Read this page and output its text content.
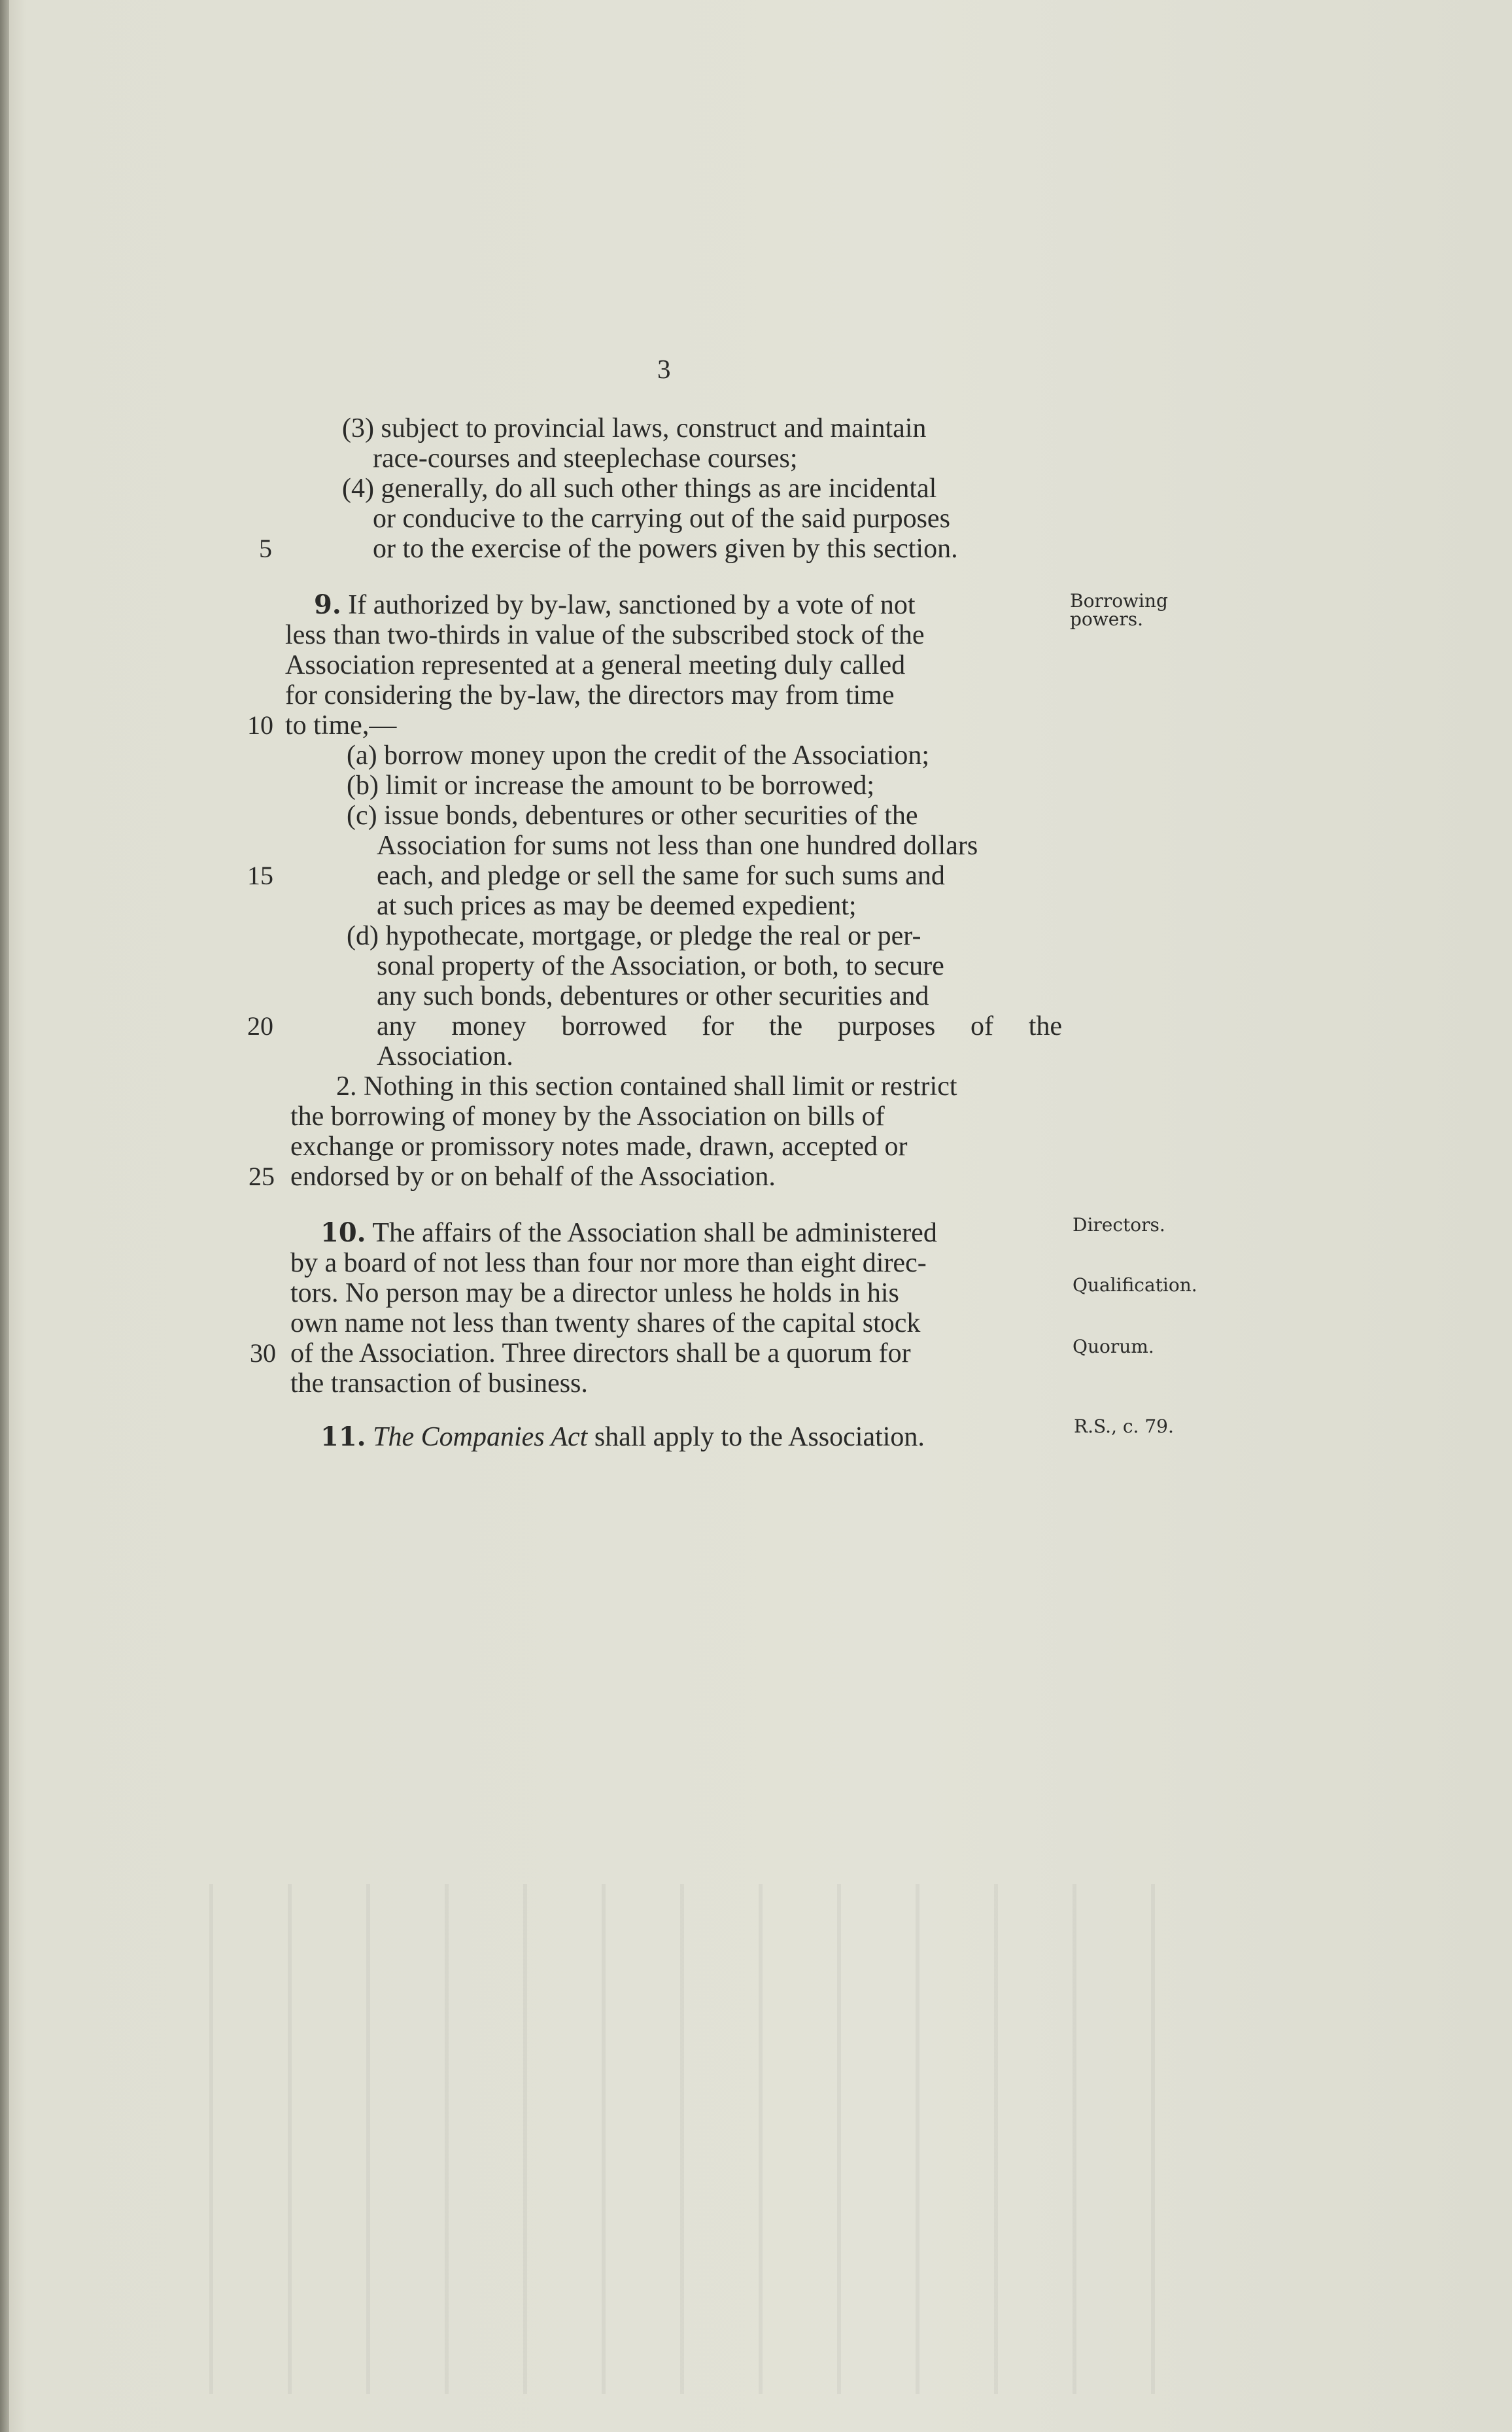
3
(3) subject to provincial laws, construct and maintain
race-courses and steeplechase courses;
(4) generally, do all such other things as are incidental
or conducive to the carrying out of the said purposes
or to the exercise of the powers given by this section.
5
9. If authorized by by-law, sanctioned by a vote of not	Borrowing
powers.
less than two-thirds in value of the subscribed stock of the
Association represented at a general meeting duly called
for considering the by-law, the directors may from time
10 to time,—
(a) borrow money upon the credit of the Association;
(b) limit or increase the amount to be borrowed;
(c) issue bonds, debentures or other securities of the
Association for sums not less than one hundred dollars
15	each, and pledge or sell the same for such sums and
at such prices as may be deemed expedient;
(d) hypothecate, mortgage, or pledge the real or per-
sonal property of the Association, or both, to secure
any such bonds, debentures or other securities and
20	any money borrowed for the purposes of the
Association.
2. Nothing in this section contained shall limit or restrict
the borrowing of money by the Association on bills of
exchange or promissory notes made, drawn, accepted or
25 endorsed by or on behalf of the Association.
10. The affairs of the Association shall be administered	Directors.
by a board of not less than four nor more than eight direc-
tors. No person may be a director unless he holds in his	Qualification.
own name not less than twenty shares of the capital stock
30 of the Association. Three directors shall be a quorum for	Quorum.
the transaction of business.
11. The Companies Act shall apply to the Association.	R.S., c. 79.
